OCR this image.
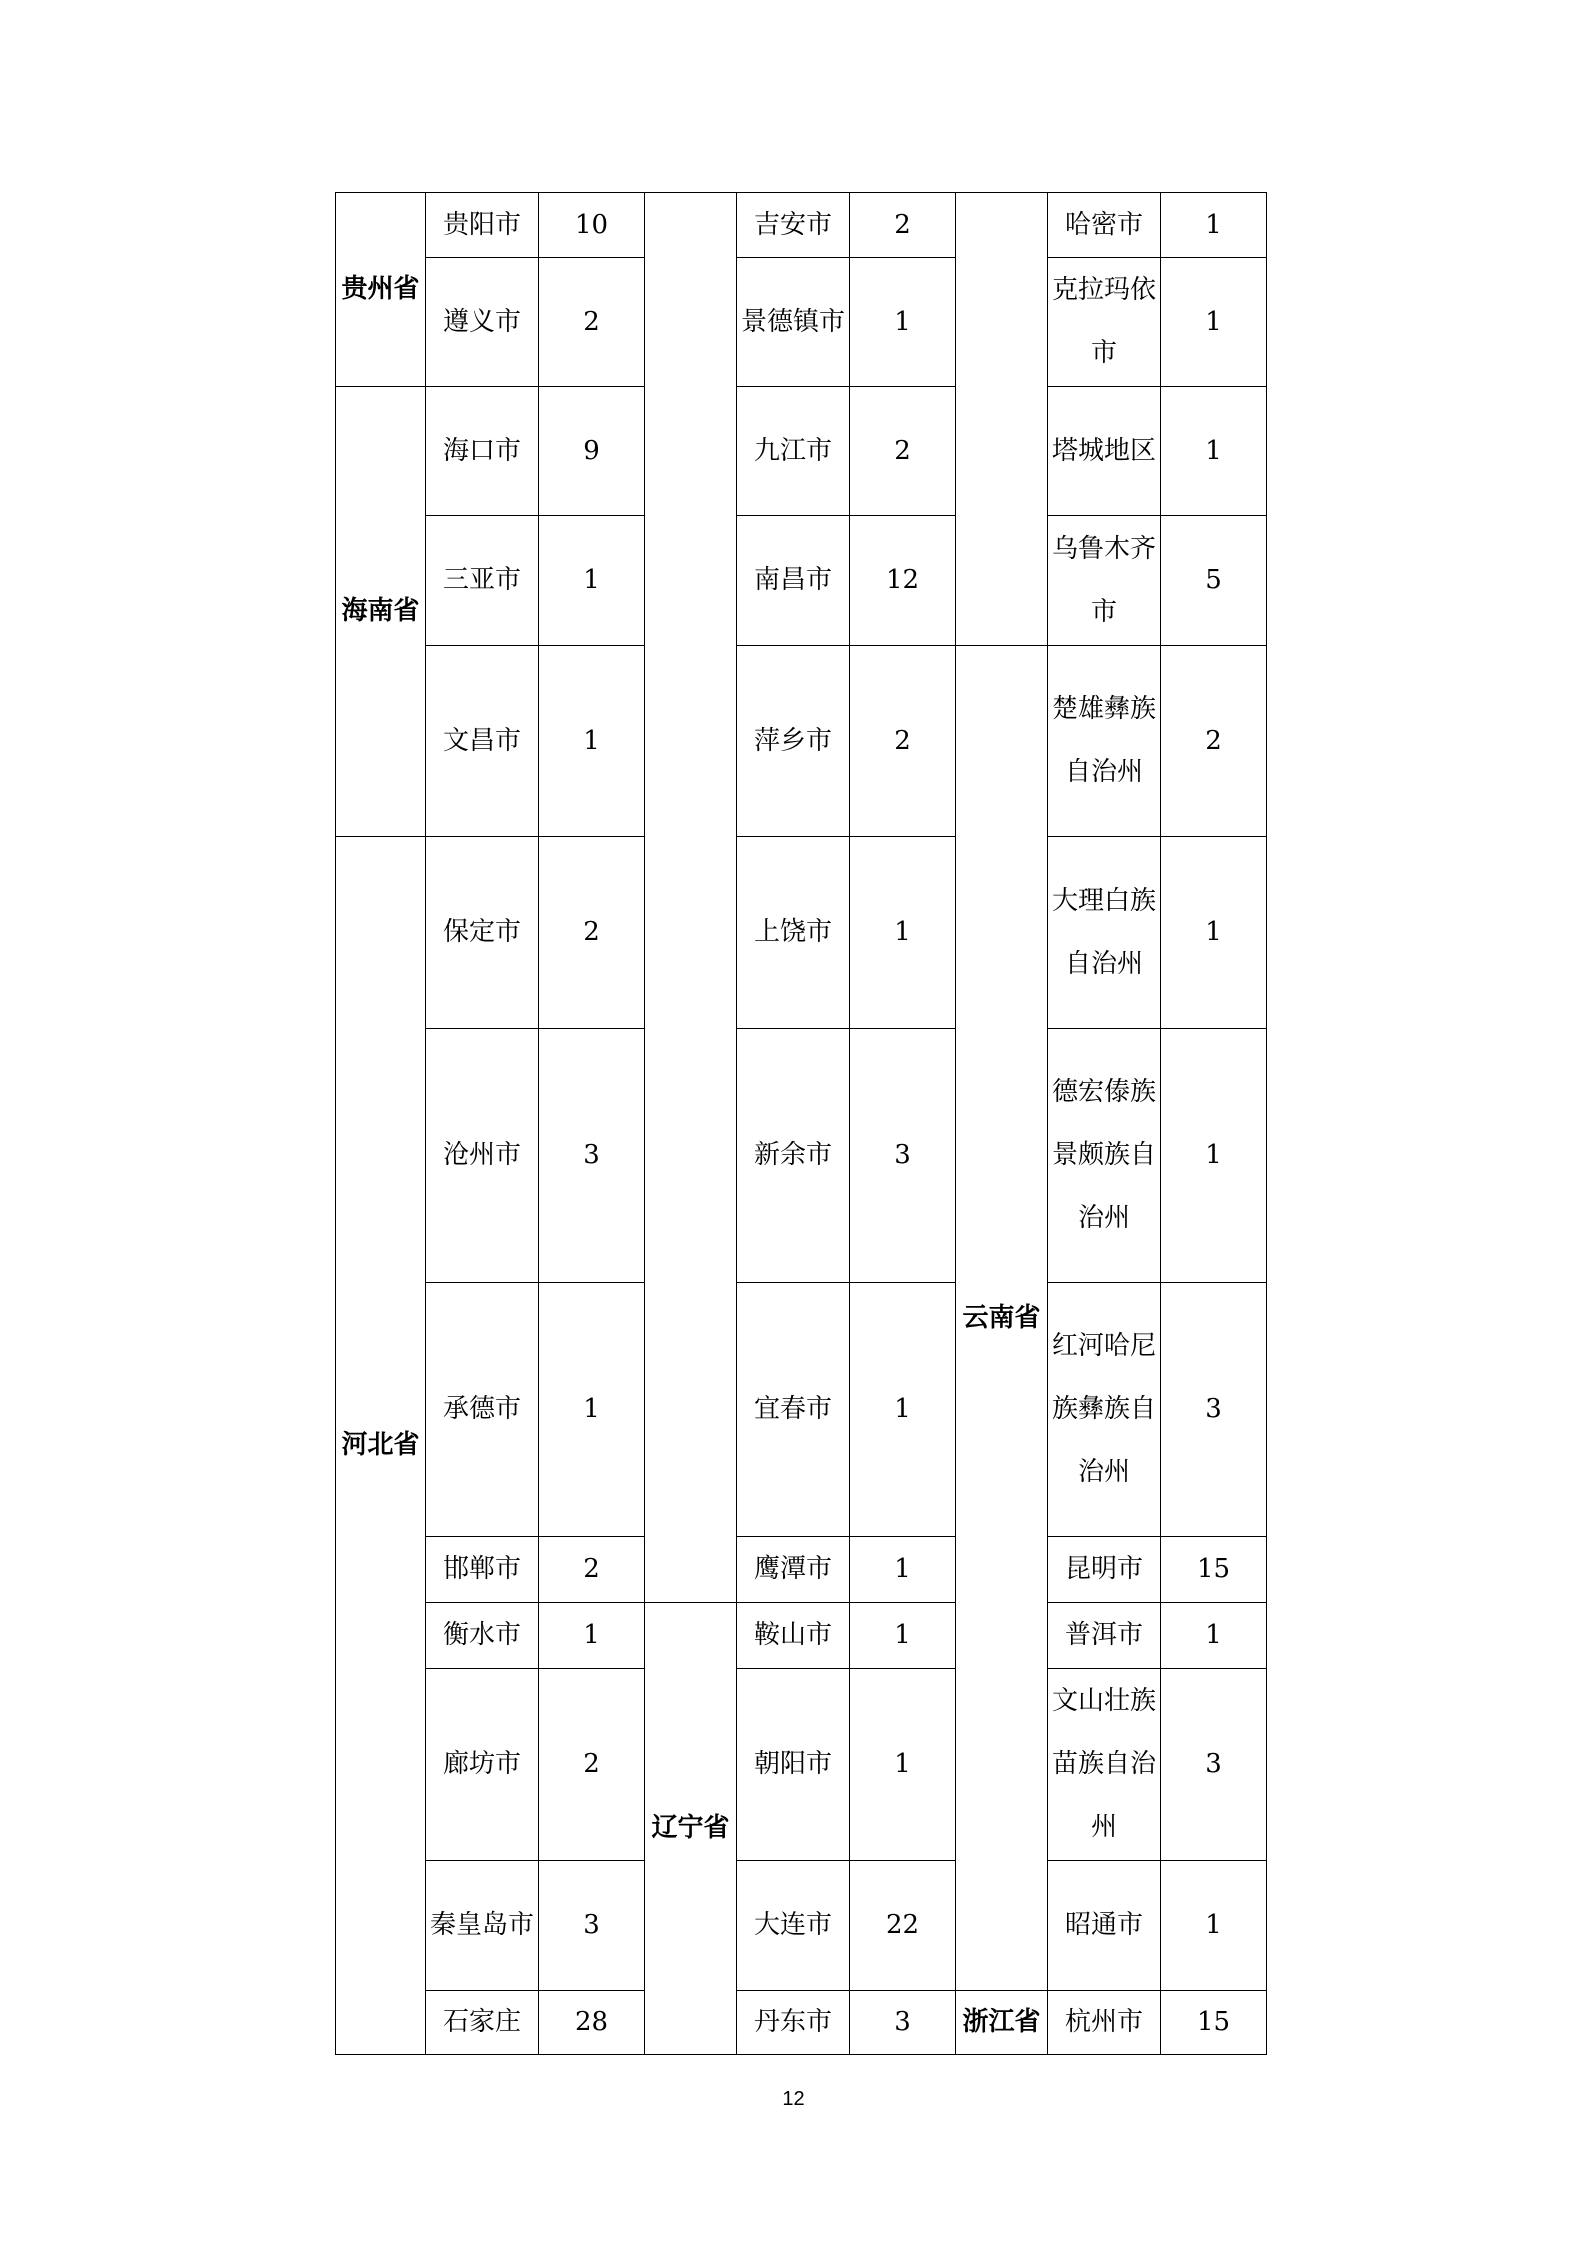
贵州省	贵阳市	10		吉安市	2		哈密市	1
	遵义市	2		景德镇市	1		克拉玛依市	1
海南省	海口市	9		九江市	2		塔城地区	1
	三亚市	1		南昌市	12		乌鲁木齐市	5
	文昌市	1		萍乡市	2	云南省	楚雄彝族自治州	2
河北省	保定市	2		上饶市	1		大理白族自治州	1
	沧州市	3		新余市	3		德宏傣族景颇族自治州	1
	承德市	1		宜春市	1		红河哈尼族彝族自治州	3
	邯郸市	2		鹰潭市	1		昆明市	15
	衡水市	1	辽宁省	鞍山市	1		普洱市	1
	廊坊市	2		朝阳市	1		文山壮族苗族自治州	3
	秦皇岛市	3		大连市	22		昭通市	1
	石家庄	28		丹东市	3	浙江省	杭州市	15
12
